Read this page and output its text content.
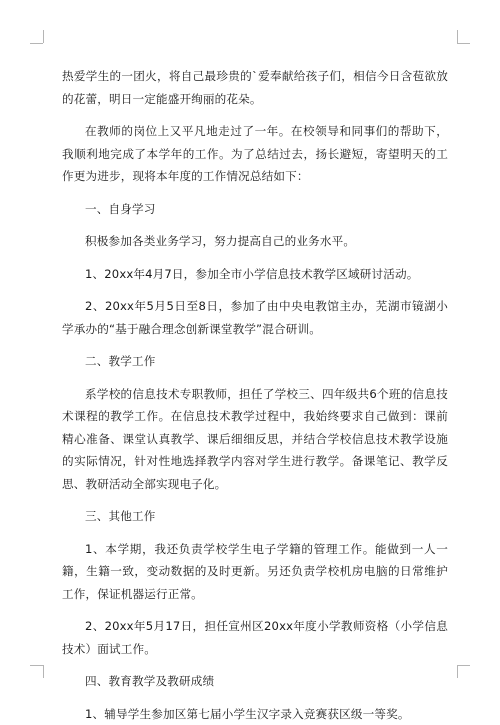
热爱学生的一团火，将自己最珍贵的`爱奉献给孩子们，相信今日含苞欲放的花蕾，明日一定能盛开绚丽的花朵。

在教师的岗位上又平凡地走过了一年。在校领导和同事们的帮助下，我顺利地完成了本学年的工作。为了总结过去，扬长避短，寄望明天的工作更为进步，现将本年度的工作情况总结如下：

一、自身学习

积极参加各类业务学习，努力提高自己的业务水平。

1、20xx年4月7日，参加全市小学信息技术教学区域研讨活动。

2、20xx年5月5日至8日，参加了由中央电教馆主办，芜湖市镜湖小学承办的“基于融合理念创新课堂教学”混合研训。

二、教学工作

系学校的信息技术专职教师，担任了学校三、四年级共6个班的信息技术课程的教学工作。在信息技术教学过程中，我始终要求自己做到：课前精心准备、课堂认真教学、课后细细反思，并结合学校信息技术教学设施的实际情况，针对性地选择教学内容对学生进行教学。备课笔记、教学反思、教研活动全部实现电子化。

三、其他工作

1、本学期，我还负责学校学生电子学籍的管理工作。能做到一人一籍，生籍一致，变动数据的及时更新。另还负责学校机房电脑的日常维护工作，保证机器运行正常。

2、20xx年5月17日，担任宣州区20xx年度小学教师资格（小学信息技术）面试工作。

四、教育教学及教研成绩

1、辅导学生参加区第七届小学生汉字录入竞赛获区级一等奖。
